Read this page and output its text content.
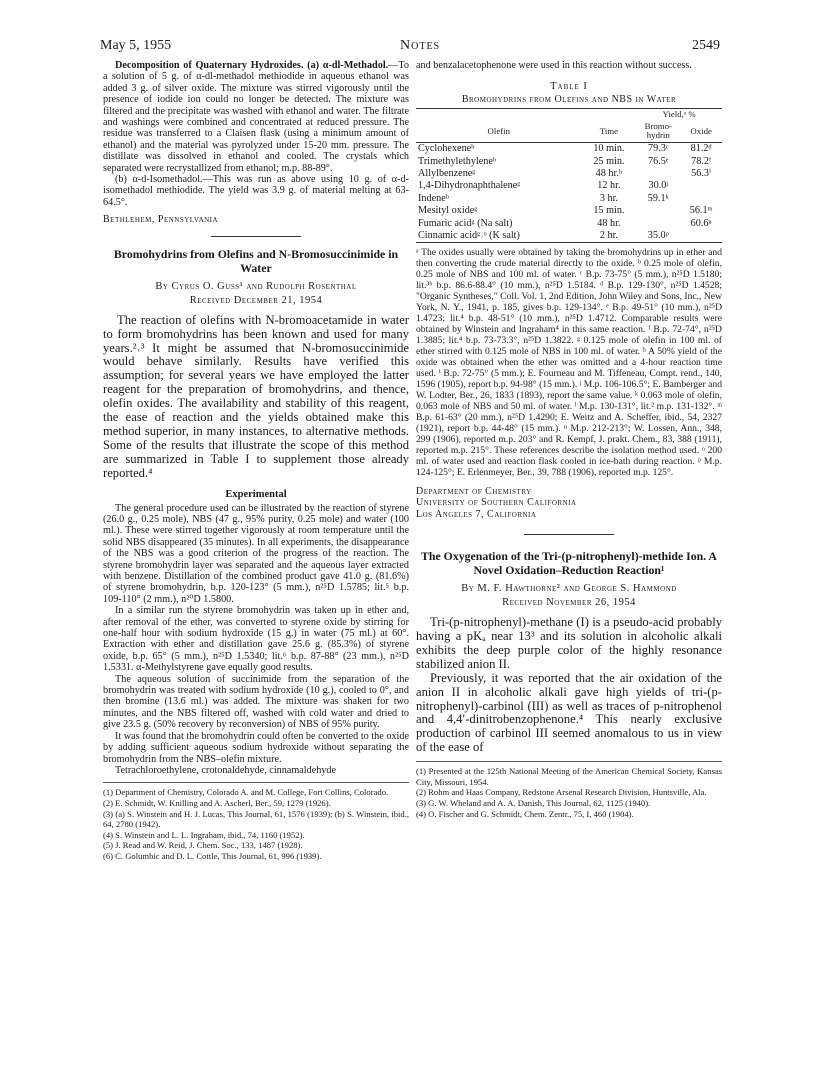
May 5, 1955	Notes	2549

Decomposition of Quaternary Hydroxides. (a) α-dl-Methadol.—To a solution of 5 g. of α-dl-methadol methiodide in aqueous ethanol was added 3 g. of silver oxide. The mixture was stirred vigorously until the presence of iodide ion could no longer be detected. The mixture was filtered and the precipitate was washed with ethanol and water. The filtrate and washings were combined and concentrated at reduced pressure. The residue was transferred to a Claisen flask (using a minimum amount of ethanol) and the material was pyrolyzed under 15-20 mm. pressure. The distillate was dissolved in ethanol and cooled. The crystals which separated were recrystallized from ethanol; m.p. 88-89°.

(b) α-d-Isomethadol.—This was run as above using 10 g. of α-d-isomethadol methiodide. The yield was 3.9 g. of material melting at 63-64.5°.

Bethlehem, Pennsylvania

Bromohydrins from Olefins and N-Bromosuccinimide in Water

By Cyrus O. Guss¹ and Rudolph Rosenthal

Received December 21, 1954

The reaction of olefins with N-bromoacetamide in water to form bromohydrins has been known and used for many years.²˒³ It might be assumed that N-bromosuccinimide would behave similarly. Results have verified this assumption; for several years we have employed the latter reagent for the preparation of bromohydrins, and thence, olefin oxides. The availability and stability of this reagent, the ease of reaction and the yields obtained make this method superior, in many instances, to alternative methods. Some of the results that illustrate the scope of this method are summarized in Table I to supplement those already reported.⁴

Experimental

The general procedure used can be illustrated by the reaction of styrene (26.0 g., 0.25 mole), NBS (47 g., 95% purity, 0.25 mole) and water (100 ml.). These were stirred together vigorously at room temperature until the solid NBS disappeared (35 minutes). In all experiments, the disappearance of the NBS was a good criterion of the progress of the reaction. The styrene bromohydrin layer was separated and the aqueous layer extracted with benzene. Distillation of the combined product gave 41.0 g. (81.6%) of styrene bromohydrin, b.p. 120-123° (5 mm.), n²⁵D 1.5785; lit.⁵ b.p. 109-110° (2 mm.), n²⁰D 1.5800.

In a similar run the styrene bromohydrin was taken up in ether and, after removal of the ether, was converted to styrene oxide by stirring for one-half hour with sodium hydroxide (15 g.) in water (75 ml.) at 60°. Extraction with ether and distillation gave 25.6 g. (85.3%) of styrene oxide, b.p. 65° (5 mm.), n²⁵D 1.5340; lit.⁶ b.p. 87-88° (23 mm.), n²⁵D 1.5331. α-Methylstyrene gave equally good results.

The aqueous solution of succinimide from the separation of the bromohydrin was treated with sodium hydroxide (10 g.), cooled to 0°, and then bromine (13.6 ml.) was added. The mixture was shaken for two minutes, and the NBS filtered off, washed with cold water and dried to give 23.5 g. (50% recovery by reconversion) of NBS of 95% purity.

It was found that the bromohydrin could often be converted to the oxide by adding sufficient aqueous sodium hydroxide without separating the bromohydrin from the NBS–olefin mixture.

Tetrachloroethylene, crotonaldehyde, cinnamaldehyde

(1) Department of Chemistry, Colorado A. and M. College, Fort Collins, Colorado.

(2) E. Schmidt, W. Knilling and A. Ascherl, Ber., 59, 1279 (1926).

(3) (a) S. Winstein and H. J. Lucas, This Journal, 61, 1576 (1939); (b) S. Winstein, ibid., 64, 2780 (1942).

(4) S. Winstein and L. L. Ingraham, ibid., 74, 1160 (1952).

(5) J. Read and W. Reid, J. Chem. Soc., 133, 1487 (1928).

(6) C. Golumbic and D. L. Cottle, This Journal, 61, 996 (1939).

and benzalacetophenone were used in this reaction without success.

Table I
Bromohydrins from Olefins and NBS in Water
		Yield,ᵃ %	
Olefin	Time	Bromo-hydrin	Oxide
Cyclohexeneᵇ	10 min.	79.3ᶜ	81.2ᵈ
Trimethylethyleneᵇ	25 min.	76.5ᵉ	78.2ᶠ
Allylbenzeneᵍ	48 hr.ʰ		56.3ⁱ
1,4-Dihydronaphthaleneᵍ	12 hr.	30.0ʲ	
Indeneᵇ	3 hr.	59.1ᵏ	
Mesityl oxideᵍ	15 min.		56.1ᵐ
Fumaric acidᵍ (Na salt)	48 hr.		60.6ⁿ
Cinnamic acidᵍ˒ᵒ (K salt)	2 hr.	35.0ᵖ	

ᵃ The oxides usually were obtained by taking the bromohydrins up in ether and then converting the crude material directly to the oxide. ᵇ 0.25 mole of olefin, 0.25 mole of NBS and 100 ml. of water. ᶜ B.p. 73-75° (5 mm.), n²⁵D 1.5180; lit.³ᵇ b.p. 86.6-88.4° (10 mm.), n²⁵D 1.5184. ᵈ B.p. 129-130°, n²⁵D 1.4528; "Organic Syntheses," Coll. Vol. 1, 2nd Edition, John Wiley and Sons, Inc., New York, N. Y., 1941, p. 185, gives b.p. 129-134°. ᵉ B.p. 49-51° (10 mm.), n²⁵D 1.4723; lit.⁴ b.p. 48-51° (10 mm.), n²⁵D 1.4712. Comparable results were obtained by Winstein and Ingraham⁴ in this same reaction. ᶠ B.p. 72-74°, n²⁵D 1.3885; lit.⁴ b.p. 73-73.3°, n²⁵D 1.3822. ᵍ 0.125 mole of olefin in 100 ml. of ether stirred with 0.125 mole of NBS in 100 ml. of water. ʰ A 50% yield of the oxide was obtained when the ether was omitted and a 4-hour reaction time used. ⁱ B.p. 72-75° (5 mm.); E. Fourneau and M. Tiffeneau, Compt. rend., 140, 1596 (1905), report b.p. 94-98° (15 mm.). ʲ M.p. 106-106.5°; E. Bamberger and W. Lodter, Ber., 26, 1833 (1893), report the same value. ᵏ 0.063 mole of olefin, 0.063 mole of NBS and 50 ml. of water. ˡ M.p. 130-131°, lit.² m.p. 131-132°. ᵐ B.p. 61-63° (20 mm.), n²⁵D 1.4290; E. Weitz and A. Scheffer, ibid., 54, 2327 (1921), report b.p. 44-48° (15 mm.). ⁿ M.p. 212-213°; W. Lossen, Ann., 348, 299 (1906), reported m.p. 203° and R. Kempf, J. prakt. Chem., 83, 388 (1911), reported m.p. 215°. These references describe the isolation method used. ᵒ 200 ml. of water used and reaction flask cooled in ice-bath during reaction. ᵖ M.p. 124-125°; E. Erlenmeyer, Ber., 39, 788 (1906), reported m.p. 125°.

Department of Chemistry
University of Southern California
Los Angeles 7, California

The Oxygenation of the Tri-(p-nitrophenyl)-methide Ion. A Novel Oxidation–Reduction Reaction¹

By M. F. Hawthorne² and George S. Hammond

Received November 26, 1954

Tri-(p-nitrophenyl)-methane (I) is a pseudo-acid probably having a pKₐ near 13³ and its solution in alcoholic alkali exhibits the deep purple color of the highly resonance stabilized anion II.

Previously, it was reported that the air oxidation of the anion II in alcoholic alkali gave high yields of tri-(p-nitrophenyl)-carbinol (III) as well as traces of p-nitrophenol and 4,4′-dinitrobenzophenone.⁴ This nearly exclusive production of carbinol III seemed anomalous to us in view of the ease of

(1) Presented at the 125th National Meeting of the American Chemical Society, Kansas City, Missouri, 1954.

(2) Rohm and Haas Company, Redstone Arsenal Research Division, Huntsville, Ala.

(3) G. W. Wheland and A. A. Danish, This Journal, 62, 1125 (1940).

(4) O. Fischer and G. Schmidt, Chem. Zentr., 75, I, 460 (1904).
